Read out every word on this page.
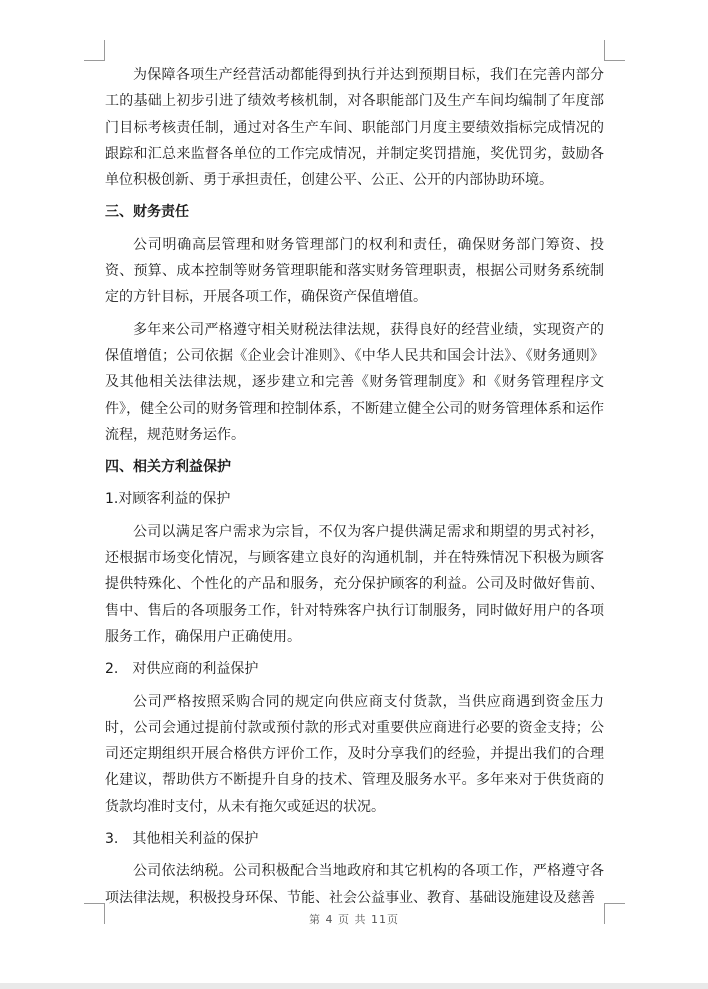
为保障各项生产经营活动都能得到执行并达到预期目标，我们在完善内部分工的基础上初步引进了绩效考核机制，对各职能部门及生产车间均编制了年度部门目标考核责任制，通过对各生产车间、职能部门月度主要绩效指标完成情况的跟踪和汇总来监督各单位的工作完成情况，并制定奖罚措施，奖优罚劣，鼓励各单位积极创新、勇于承担责任，创建公平、公正、公开的内部协助环境。

三、财务责任

公司明确高层管理和财务管理部门的权利和责任，确保财务部门筹资、投资、预算、成本控制等财务管理职能和落实财务管理职责，根据公司财务系统制定的方针目标，开展各项工作，确保资产保值增值。

多年来公司严格遵守相关财税法律法规，获得良好的经营业绩，实现资产的保值增值；公司依据《企业会计准则》、《中华人民共和国会计法》、《财务通则》及其他相关法律法规，逐步建立和完善《财务管理制度》和《财务管理程序文件》，健全公司的财务管理和控制体系，不断建立健全公司的财务管理体系和运作流程，规范财务运作。

四、相关方利益保护

1.对顾客利益的保护

公司以满足客户需求为宗旨，不仅为客户提供满足需求和期望的男式衬衫，还根据市场变化情况，与顾客建立良好的沟通机制，并在特殊情况下积极为顾客提供特殊化、个性化的产品和服务，充分保护顾客的利益。公司及时做好售前、售中、售后的各项服务工作，针对特殊客户执行订制服务，同时做好用户的各项服务工作，确保用户正确使用。

2.　对供应商的利益保护

公司严格按照采购合同的规定向供应商支付货款，当供应商遇到资金压力时，公司会通过提前付款或预付款的形式对重要供应商进行必要的资金支持；公司还定期组织开展合格供方评价工作，及时分享我们的经验，并提出我们的合理化建议，帮助供方不断提升自身的技术、管理及服务水平。多年来对于供货商的货款均准时支付，从未有拖欠或延迟的状况。

3.　其他相关利益的保护

公司依法纳税。公司积极配合当地政府和其它机构的各项工作，严格遵守各项法律法规，积极投身环保、节能、社会公益事业、教育、基础设施建设及慈善

第 4 页 共 11页
